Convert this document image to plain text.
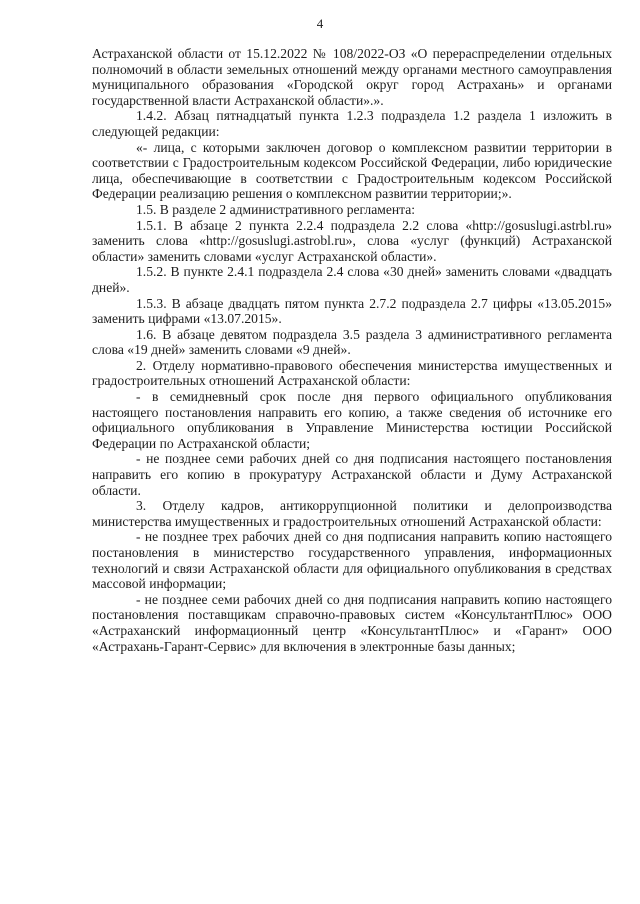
4

Астраханской области от 15.12.2022 № 108/2022-ОЗ «О перераспределении отдельных полномочий в области земельных отношений между органами местного самоуправления муниципального образования «Городской округ город Астрахань» и органами государственной власти Астраханской области».».

1.4.2. Абзац пятнадцатый пункта 1.2.3 подраздела 1.2 раздела 1 изложить в следующей редакции:

«- лица, с которыми заключен договор о комплексном развитии территории в соответствии с Градостроительным кодексом Российской Федерации, либо юридические лица, обеспечивающие в соответствии с Градостроительным кодексом Российской Федерации реализацию решения о комплексном развитии территории;».

1.5. В разделе 2 административного регламента:

1.5.1. В абзаце 2 пункта 2.2.4 подраздела 2.2 слова «http://gosuslugi.astrbl.ru» заменить слова «http://gosuslugi.astrobl.ru», слова «услуг (функций) Астраханской области» заменить словами «услуг Астраханской области».

1.5.2. В пункте 2.4.1 подраздела 2.4 слова «30 дней» заменить словами «двадцать дней».

1.5.3. В абзаце двадцать пятом пункта 2.7.2 подраздела 2.7 цифры «13.05.2015» заменить цифрами «13.07.2015».

1.6. В абзаце девятом подраздела 3.5 раздела 3 административного регламента слова «19 дней» заменить словами «9 дней».

2. Отделу нормативно-правового обеспечения министерства имущественных и градостроительных отношений Астраханской области:

- в семидневный срок после дня первого официального опубликования настоящего постановления направить его копию, а также сведения об источнике его официального опубликования в Управление Министерства юстиции Российской Федерации по Астраханской области;

- не позднее семи рабочих дней со дня подписания настоящего постановления направить его копию в прокуратуру Астраханской области и Думу Астраханской области.

3. Отделу кадров, антикоррупционной политики и делопроизводства министерства имущественных и градостроительных отношений Астраханской области:

- не позднее трех рабочих дней со дня подписания направить копию настоящего постановления в министерство государственного управления, информационных технологий и связи Астраханской области для официального опубликования в средствах массовой информации;

- не позднее семи рабочих дней со дня подписания направить копию настоящего постановления поставщикам справочно-правовых систем «КонсультантПлюс» ООО «Астраханский информационный центр «КонсультантПлюс» и «Гарант» ООО «Астрахань-Гарант-Сервис» для включения в электронные базы данных;
